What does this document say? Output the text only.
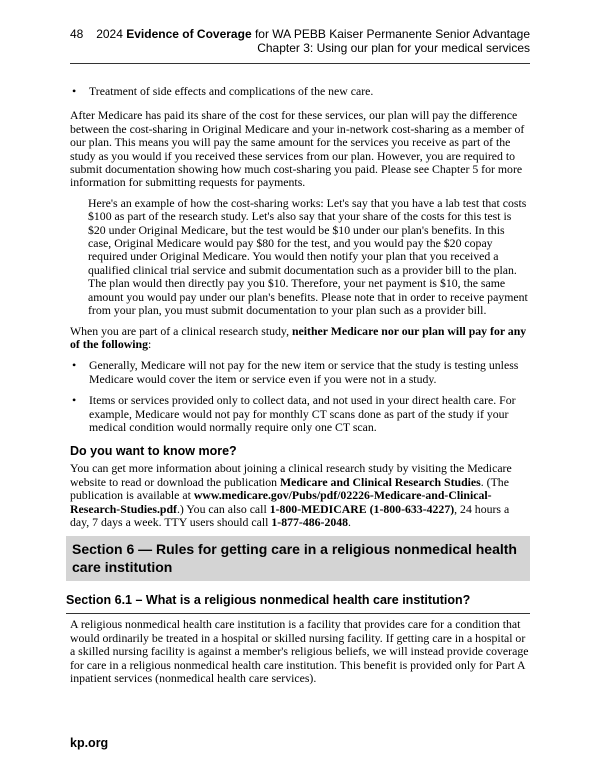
48	2024 Evidence of Coverage for WA PEBB Kaiser Permanente Senior Advantage
Chapter 3: Using our plan for your medical services
•	Treatment of side effects and complications of the new care.

After Medicare has paid its share of the cost for these services, our plan will pay the difference between the cost-sharing in Original Medicare and your in-network cost-sharing as a member of our plan. This means you will pay the same amount for the services you receive as part of the study as you would if you received these services from our plan. However, you are required to submit documentation showing how much cost-sharing you paid. Please see Chapter 5 for more information for submitting requests for payments.

Here's an example of how the cost-sharing works: Let's say that you have a lab test that costs $100 as part of the research study. Let's also say that your share of the costs for this test is $20 under Original Medicare, but the test would be $10 under our plan's benefits. In this case, Original Medicare would pay $80 for the test, and you would pay the $20 copay required under Original Medicare. You would then notify your plan that you received a qualified clinical trial service and submit documentation such as a provider bill to the plan. The plan would then directly pay you $10. Therefore, your net payment is $10, the same amount you would pay under our plan's benefits. Please note that in order to receive payment from your plan, you must submit documentation to your plan such as a provider bill.

When you are part of a clinical research study, neither Medicare nor our plan will pay for any of the following:

•	Generally, Medicare will not pay for the new item or service that the study is testing unless Medicare would cover the item or service even if you were not in a study.
•	Items or services provided only to collect data, and not used in your direct health care. For example, Medicare would not pay for monthly CT scans done as part of the study if your medical condition would normally require only one CT scan.
Do you want to know more?

You can get more information about joining a clinical research study by visiting the Medicare website to read or download the publication Medicare and Clinical Research Studies. (The publication is available at www.medicare.gov/Pubs/pdf/02226-Medicare-and-Clinical-Research-Studies.pdf.) You can also call 1-800-MEDICARE (1-800-633-4227), 24 hours a day, 7 days a week. TTY users should call 1-877-486-2048.

Section 6 — Rules for getting care in a religious nonmedical health care institution
Section 6.1 – What is a religious nonmedical health care institution?

A religious nonmedical health care institution is a facility that provides care for a condition that would ordinarily be treated in a hospital or skilled nursing facility. If getting care in a hospital or a skilled nursing facility is against a member's religious beliefs, we will instead provide coverage for care in a religious nonmedical health care institution. This benefit is provided only for Part A inpatient services (nonmedical health care services).

kp.org
